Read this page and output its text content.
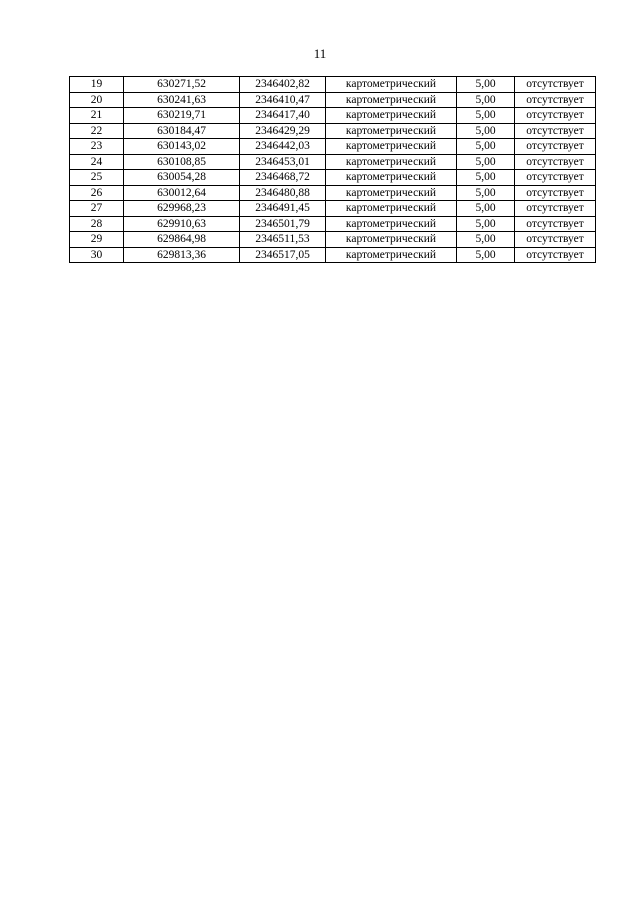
11
19	630271,52	2346402,82	картометрический	5,00	отсутствует
20	630241,63	2346410,47	картометрический	5,00	отсутствует
21	630219,71	2346417,40	картометрический	5,00	отсутствует
22	630184,47	2346429,29	картометрический	5,00	отсутствует
23	630143,02	2346442,03	картометрический	5,00	отсутствует
24	630108,85	2346453,01	картометрический	5,00	отсутствует
25	630054,28	2346468,72	картометрический	5,00	отсутствует
26	630012,64	2346480,88	картометрический	5,00	отсутствует
27	629968,23	2346491,45	картометрический	5,00	отсутствует
28	629910,63	2346501,79	картометрический	5,00	отсутствует
29	629864,98	2346511,53	картометрический	5,00	отсутствует
30	629813,36	2346517,05	картометрический	5,00	отсутствует
